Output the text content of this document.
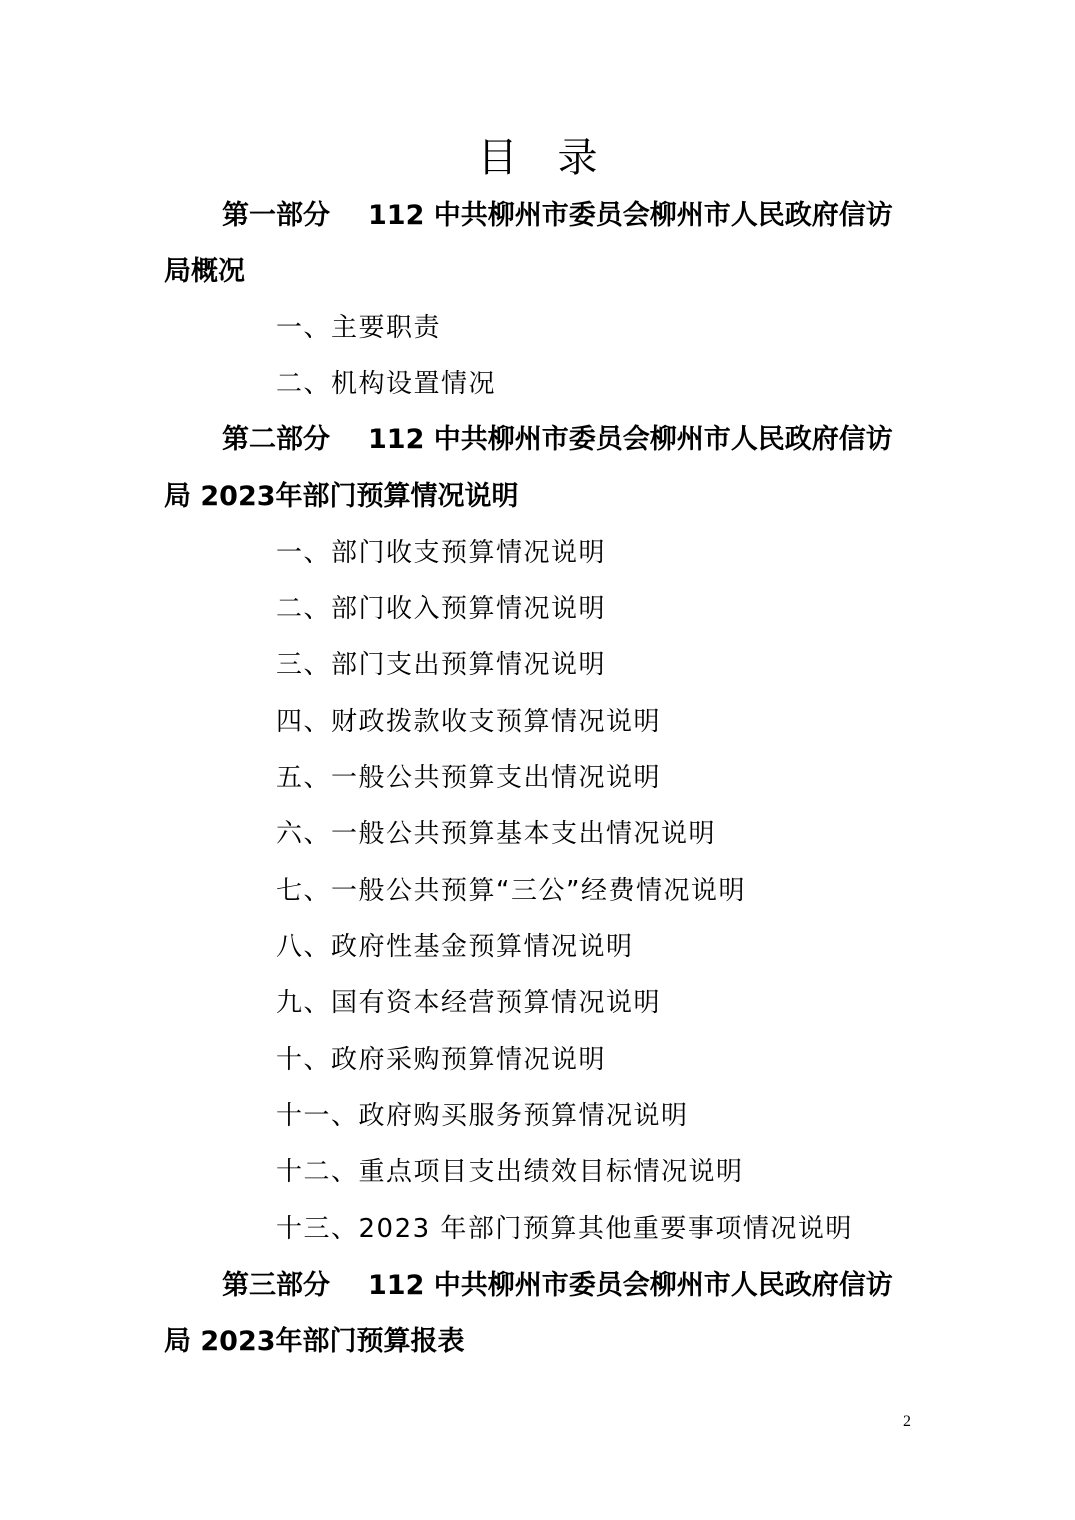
目 录
第一部分 112 中共柳州市委员会柳州市人民政府信访
局概况
一、主要职责
二、机构设置情况
第二部分 112 中共柳州市委员会柳州市人民政府信访
局 2023年部门预算情况说明
一、部门收支预算情况说明
二、部门收入预算情况说明
三、部门支出预算情况说明
四、财政拨款收支预算情况说明
五、一般公共预算支出情况说明
六、一般公共预算基本支出情况说明
七、一般公共预算“三公”经费情况说明
八、政府性基金预算情况说明
九、国有资本经营预算情况说明
十、政府采购预算情况说明
十一、政府购买服务预算情况说明
十二、重点项目支出绩效目标情况说明
十三、2023 年部门预算其他重要事项情况说明
第三部分 112 中共柳州市委员会柳州市人民政府信访
局 2023年部门预算报表
2
